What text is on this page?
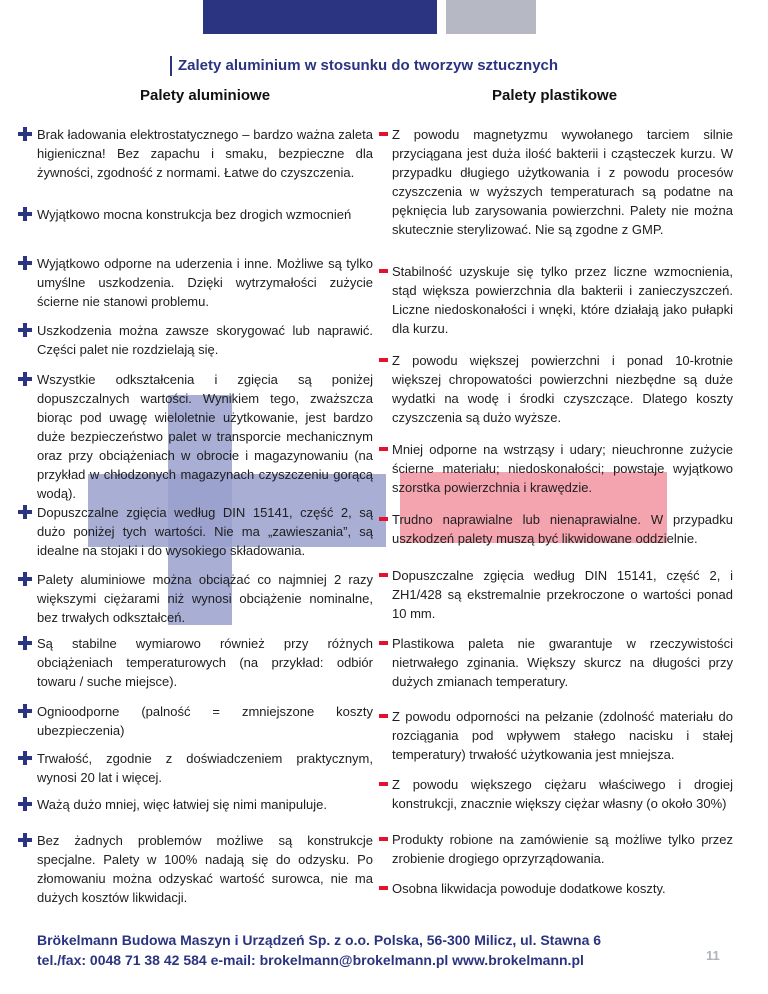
Zalety aluminium w stosunku do tworzyw sztucznych
Palety aluminiowe	Palety plastikowe
Brak ładowania elektrostatycznego – bardzo ważna zaleta higieniczna! Bez zapachu i smaku, bezpieczne dla żywności, zgodność z normami. Łatwe do czyszczenia.
Wyjątkowo mocna konstrukcja bez drogich wzmocnień
Wyjątkowo odporne na uderzenia i inne. Możliwe są tylko umyślne uszkodzenia. Dzięki wytrzymałości zużycie ścierne nie stanowi problemu.
Uszkodzenia można zawsze skorygować lub naprawić. Części palet nie rozdzielają się.
Wszystkie odkształcenia i zgięcia są poniżej dopuszczalnych wartości. Wynikiem tego, zważszcza biorąc pod uwagę wieloletnie użytkowanie, jest bardzo duże bezpieczeństwo palet w transporcie mechanicznym oraz przy obciążeniach w obrocie i magazynowaniu (na przykład w chłodzonych magazynach czyszczeniu gorącą wodą).
Dopuszczalne zgięcia według DIN 15141, część 2, są dużo poniżej tych wartości. Nie ma „zawieszania”, są idealne na stojaki i do wysokiego składowania.
Palety aluminiowe można obciążać co najmniej 2 razy większymi ciężarami niż wynosi obciążenie nominalne, bez trwałych odkształceń.
Są stabilne wymiarowo również przy różnych obciążeniach temperaturowych (na przykład: odbiór towaru / suche miejsce).
Ognioodporne (palność = zmniejszone koszty ubezpieczenia)
Trwałość, zgodnie z doświadczeniem praktycznym, wynosi 20 lat i więcej.
Ważą dużo mniej, więc łatwiej się nimi manipuluje.
Bez żadnych problemów możliwe są konstrukcje specjalne. Palety w 100% nadają się do odzysku. Po złomowaniu można odzyskać wartość surowca, nie ma dużych kosztów likwidacji.
Z powodu magnetyzmu wywołanego tarciem silnie przyciągana jest duża ilość bakterii i cząsteczek kurzu. W przypadku długiego użytkowania i z powodu procesów czyszczenia w wyższych temperaturach są podatne na pęknięcia lub zarysowania powierzchni. Palety nie można skutecznie sterylizować. Nie są zgodne z GMP.
Stabilność uzyskuje się tylko przez liczne wzmocnienia, stąd większa powierzchnia dla bakterii i zanieczyszczeń. Liczne niedoskonałości i wnęki, które działają jako pułapki dla kurzu.
Z powodu większej powierzchni i ponad 10-krotnie większej chropowatości powierzchni niezbędne są duże wydatki na wodę i środki czyszczące. Dlatego koszty czyszczenia są dużo wyższe.
Mniej odporne na wstrząsy i udary; nieuchronne zużycie ścierne materiału; niedoskonałości; powstaje wyjątkowo szorstka powierzchnia i krawędzie.
Trudno naprawialne lub nienaprawialne. W przypadku uszkodzeń palety muszą być likwidowane oddzielnie.
Dopuszczalne zgięcia według DIN 15141, część 2, i ZH1/428 są ekstremalnie przekroczone o wartości ponad 10 mm.
Plastikowa paleta nie gwarantuje w rzeczywistości nietrwałego zginania. Większy skurcz na długości przy dużych zmianach temperatury.
Z powodu odporności na pełzanie (zdolność materiału do rozciągania pod wpływem stałego nacisku i stałej temperatury) trwałość użytkowania jest mniejsza.
Z powodu większego ciężaru właściwego i drogiej konstrukcji, znacznie większy ciężar własny (o około 30%)
Produkty robione na zamówienie są możliwe tylko przez zrobienie drogiego oprzyrządowania.
Osobna likwidacja powoduje dodatkowe koszty.
Brökelmann Budowa Maszyn i Urządzeń Sp. z o.o. Polska, 56-300 Milicz, ul. Stawna 6
tel./fax: 0048 71 38 42 584 e-mail: brokelmann@brokelmann.pl www.brokelmann.pl	11
